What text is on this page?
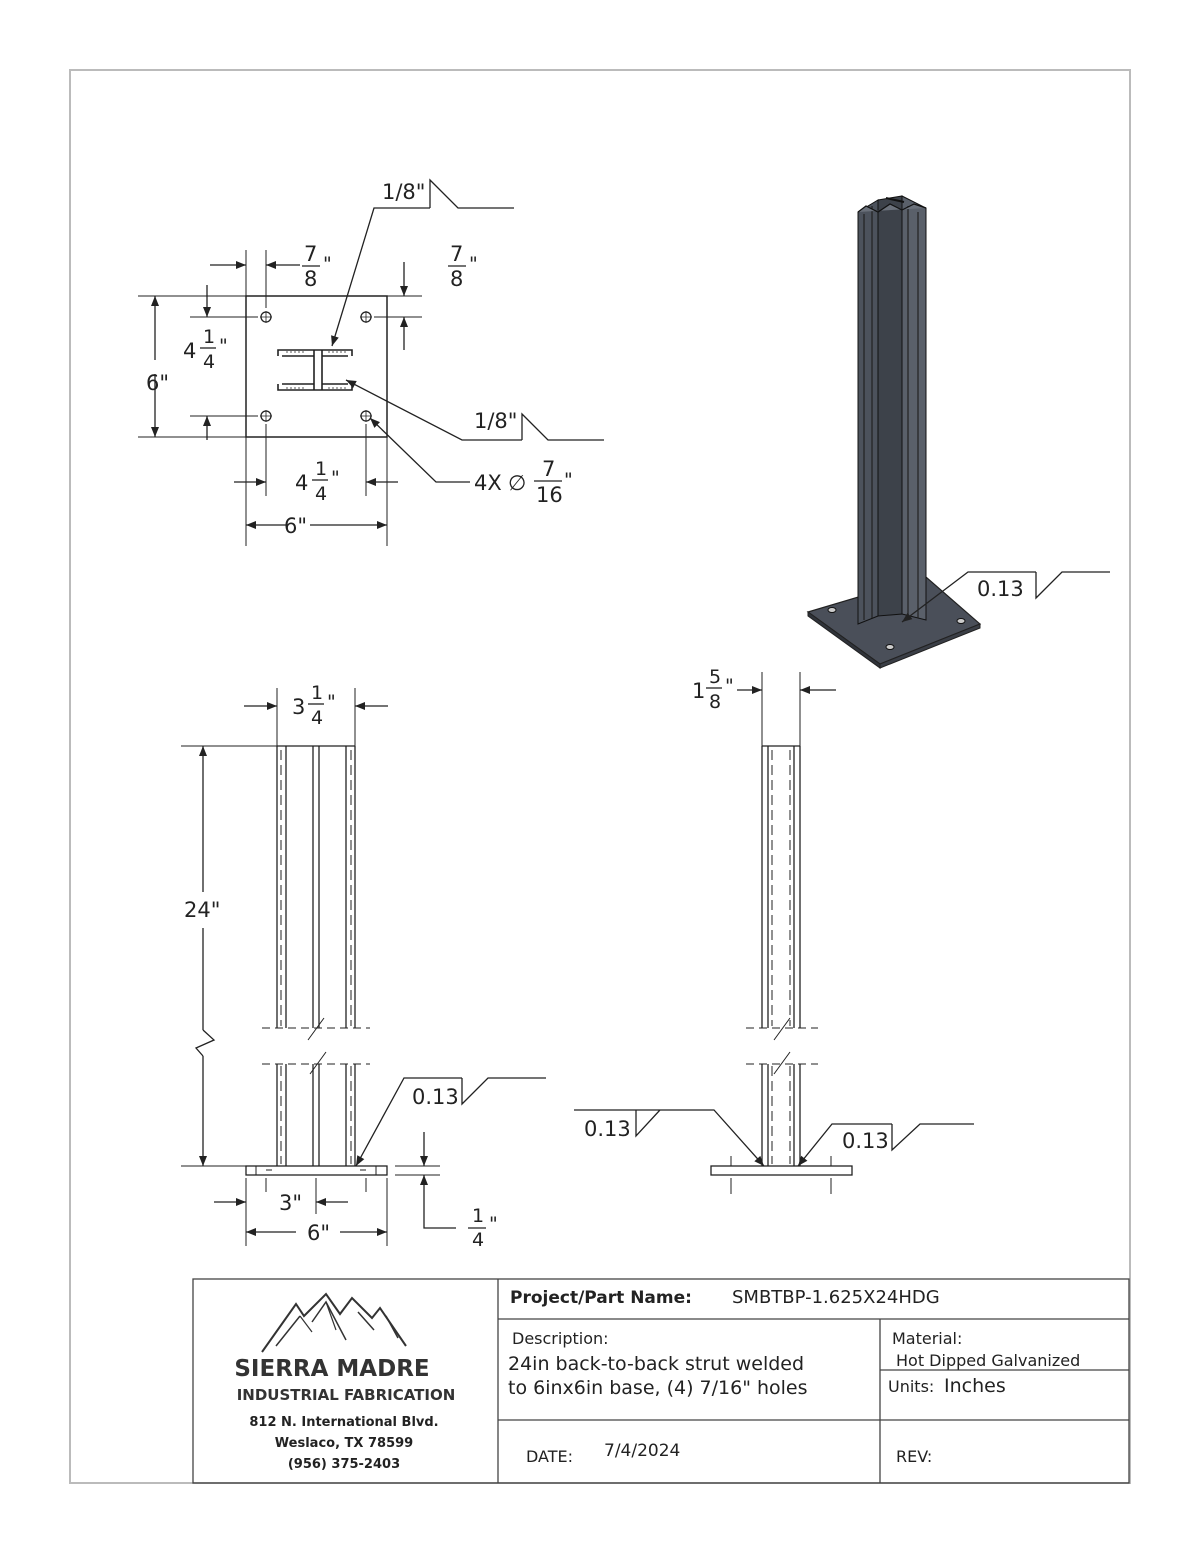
1/8"
1/8"
7
8
"	7
8
"
4
1
4
"
6"
4
1
4
"
6"
4X ∅
7
16
"
0.13
3
1
4
"
24"
0.13
3"
6"
1
4
"
1
5
8
"
0.13	0.13
SIERRA MADRE
INDUSTRIAL FABRICATION
812 N. International Blvd.
Weslaco, TX 78599
(956) 375-2403
Project/Part Name: SMBTBP-1.625X24HDG
Description:
24in back-to-back strut welded
to 6inx6in base, (4) 7/16" holes
Material:
Hot Dipped Galvanized
Units: Inches
DATE: 7/4/2024	REV:
